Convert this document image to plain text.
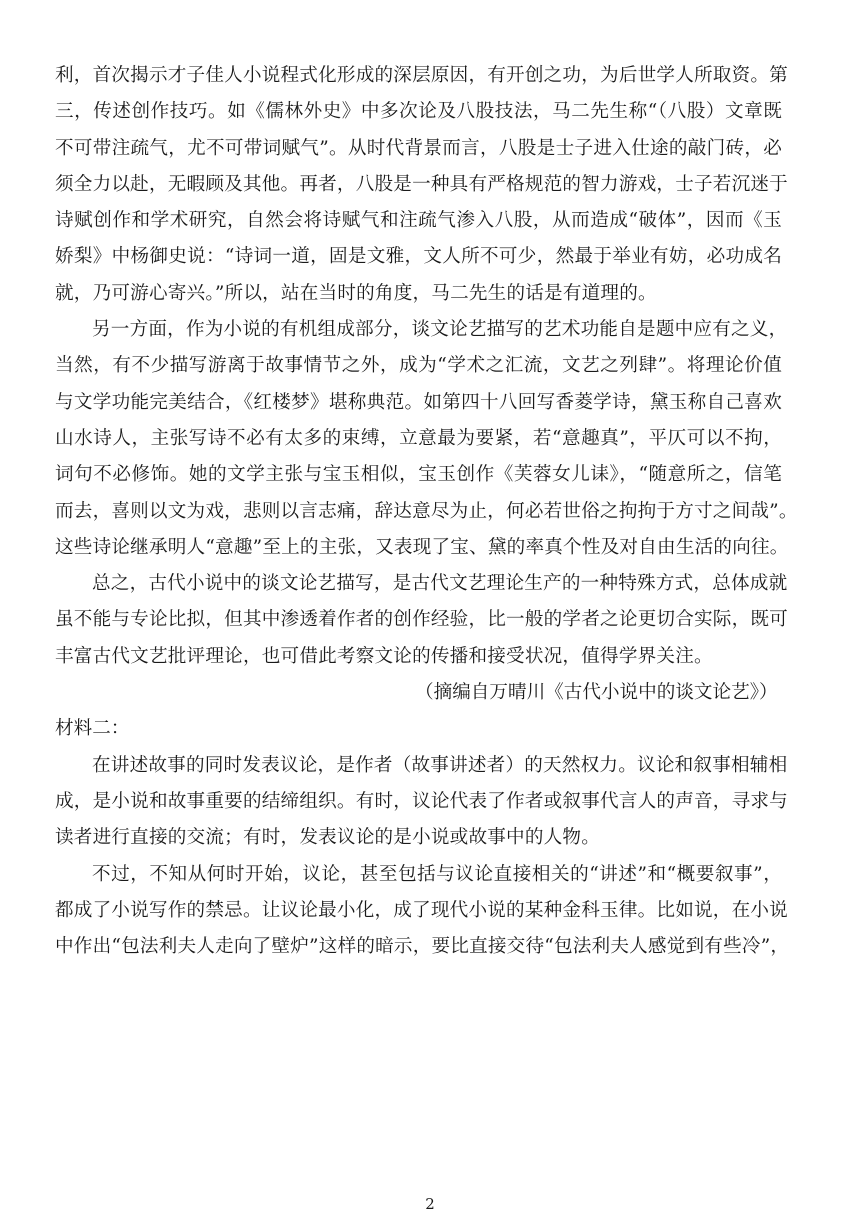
利，首次揭示才子佳人小说程式化形成的深层原因，有开创之功，为后世学人所取资。第
三，传述创作技巧。如《儒林外史》中多次论及八股技法，马二先生称“（八股）文章既
不可带注疏气，尤不可带词赋气”。从时代背景而言，八股是士子进入仕途的敲门砖，必
须全力以赴，无暇顾及其他。再者，八股是一种具有严格规范的智力游戏，士子若沉迷于
诗赋创作和学术研究，自然会将诗赋气和注疏气渗入八股，从而造成“破体”，因而《玉
娇梨》中杨御史说：“诗词一道，固是文雅，文人所不可少，然最于举业有妨，必功成名
就，乃可游心寄兴。”所以，站在当时的角度，马二先生的话是有道理的。
另一方面，作为小说的有机组成部分，谈文论艺描写的艺术功能自是题中应有之义，
当然，有不少描写游离于故事情节之外，成为“学术之汇流，文艺之列肆”。将理论价值
与文学功能完美结合，《红楼梦》堪称典范。如第四十八回写香菱学诗，黛玉称自己喜欢
山水诗人，主张写诗不必有太多的束缚，立意最为要紧，若“意趣真”，平仄可以不拘，
词句不必修饰。她的文学主张与宝玉相似，宝玉创作《芙蓉女儿诔》，“随意所之，信笔
而去，喜则以文为戏，悲则以言志痛，辞达意尽为止，何必若世俗之拘拘于方寸之间哉”。
这些诗论继承明人“意趣”至上的主张，又表现了宝、黛的率真个性及对自由生活的向往。
总之，古代小说中的谈文论艺描写，是古代文艺理论生产的一种特殊方式，总体成就
虽不能与专论比拟，但其中渗透着作者的创作经验，比一般的学者之论更切合实际，既可
丰富古代文艺批评理论，也可借此考察文论的传播和接受状况，值得学界关注。
（摘编自万晴川《古代小说中的谈文论艺》）
材料二：
在讲述故事的同时发表议论，是作者（故事讲述者）的天然权力。议论和叙事相辅相
成，是小说和故事重要的结缔组织。有时，议论代表了作者或叙事代言人的声音，寻求与
读者进行直接的交流；有时，发表议论的是小说或故事中的人物。
不过，不知从何时开始，议论，甚至包括与议论直接相关的“讲述”和“概要叙事”，
都成了小说写作的禁忌。让议论最小化，成了现代小说的某种金科玉律。比如说，在小说
中作出“包法利夫人走向了壁炉”这样的暗示，要比直接交待“包法利夫人感觉到有些冷”，
2
